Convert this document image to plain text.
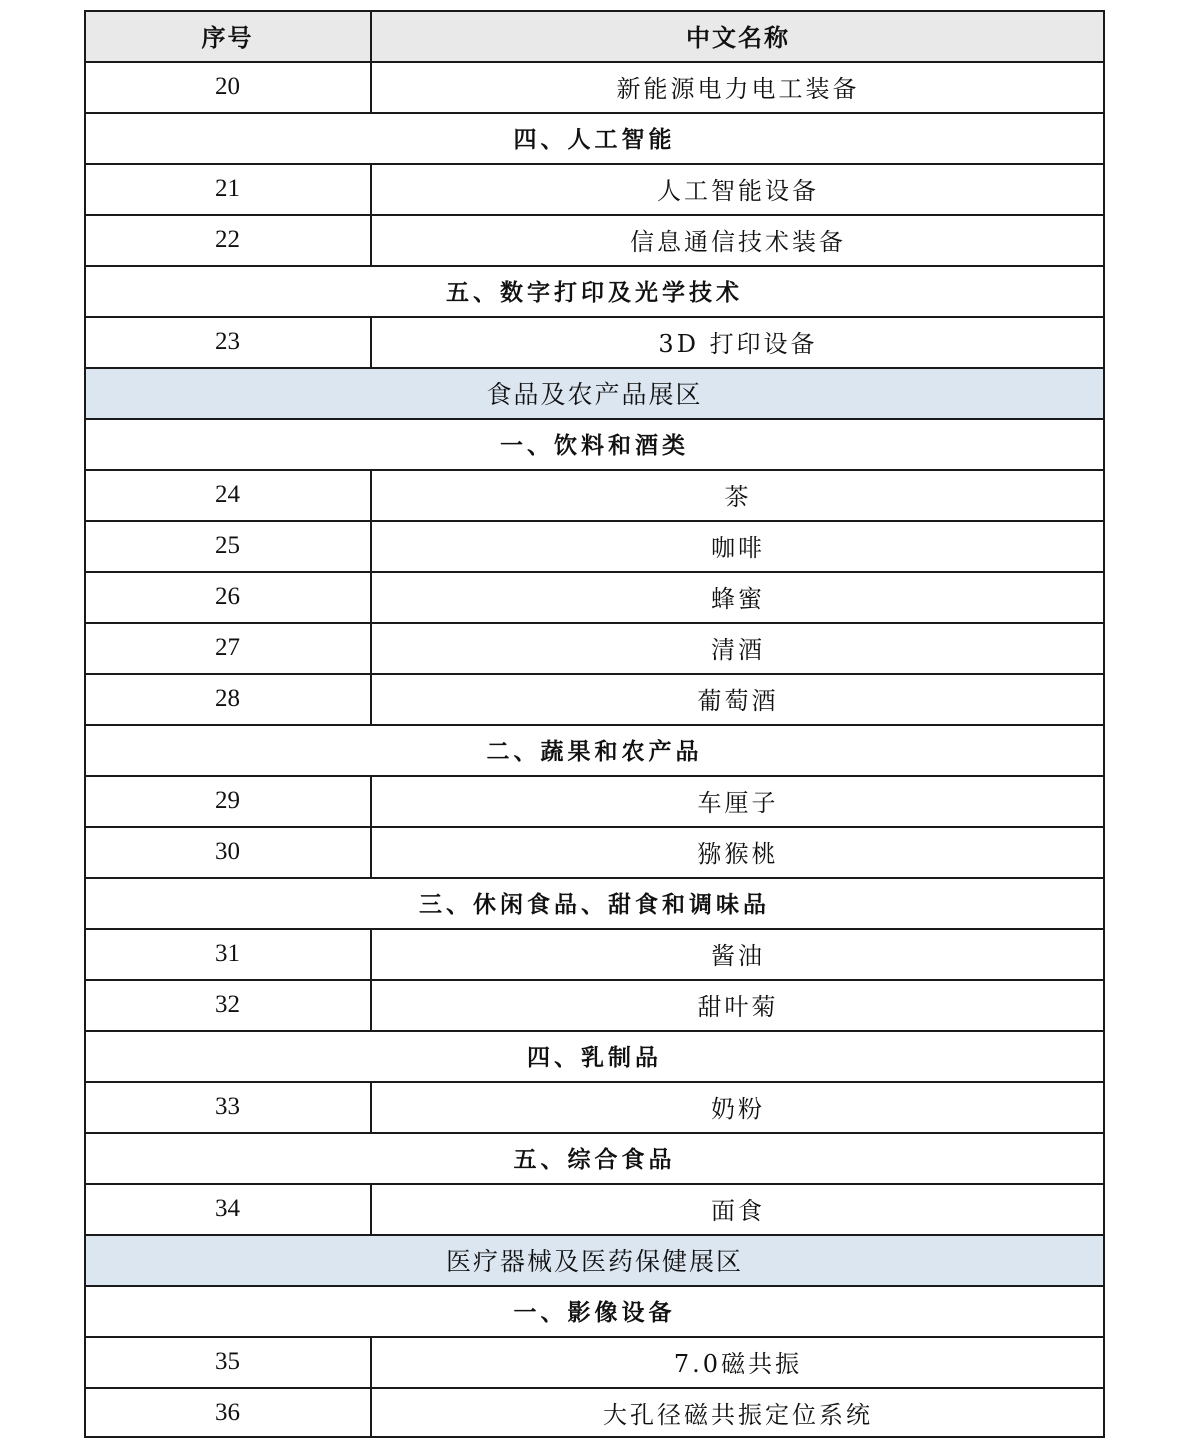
序号	中文名称
20	新能源电力电工装备
四、人工智能
21	人工智能设备
22	信息通信技术装备
五、数字打印及光学技术
23	3D 打印设备
食品及农产品展区
一、饮料和酒类
24	茶
25	咖啡
26	蜂蜜
27	清酒
28	葡萄酒
二、蔬果和农产品
29	车厘子
30	猕猴桃
三、休闲食品、甜食和调味品
31	酱油
32	甜叶菊
四、乳制品
33	奶粉
五、综合食品
34	面食
医疗器械及医药保健展区
一、影像设备
35	7.0磁共振
36	大孔径磁共振定位系统
